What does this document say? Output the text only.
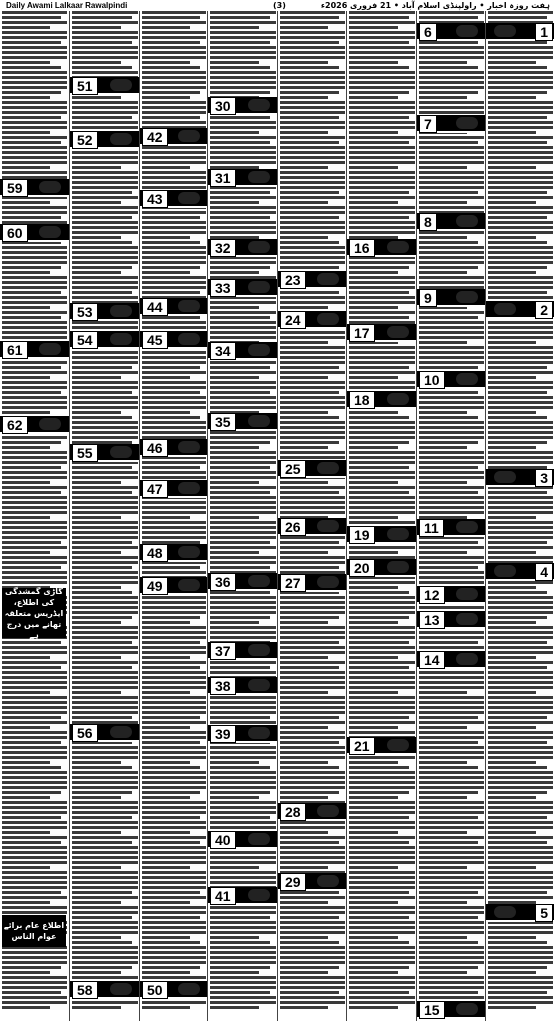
Daily Awami Lalkaar Rawalpindi	(3)	ہفت روزہ اخبار • راولپنڈی اسلام آباد • 21 فروری 2026ء
59
60
61
62
گاڑی گمشدگی کی اطلاع، ایڈریس متعلقہ تھانے میں درج ہے
اطلاع عام برائے عوام الناس
51
52
53
54
55
56
58
42
43
44
45
46
47
48
49
50
30
31
32
33
34
35
36
37
38
39
40
41
23
24
25
26
27
28
29
16
17
18
19
20
21
6
7
8
9
10
11
12
13
14
15
1
2
3
4
5
